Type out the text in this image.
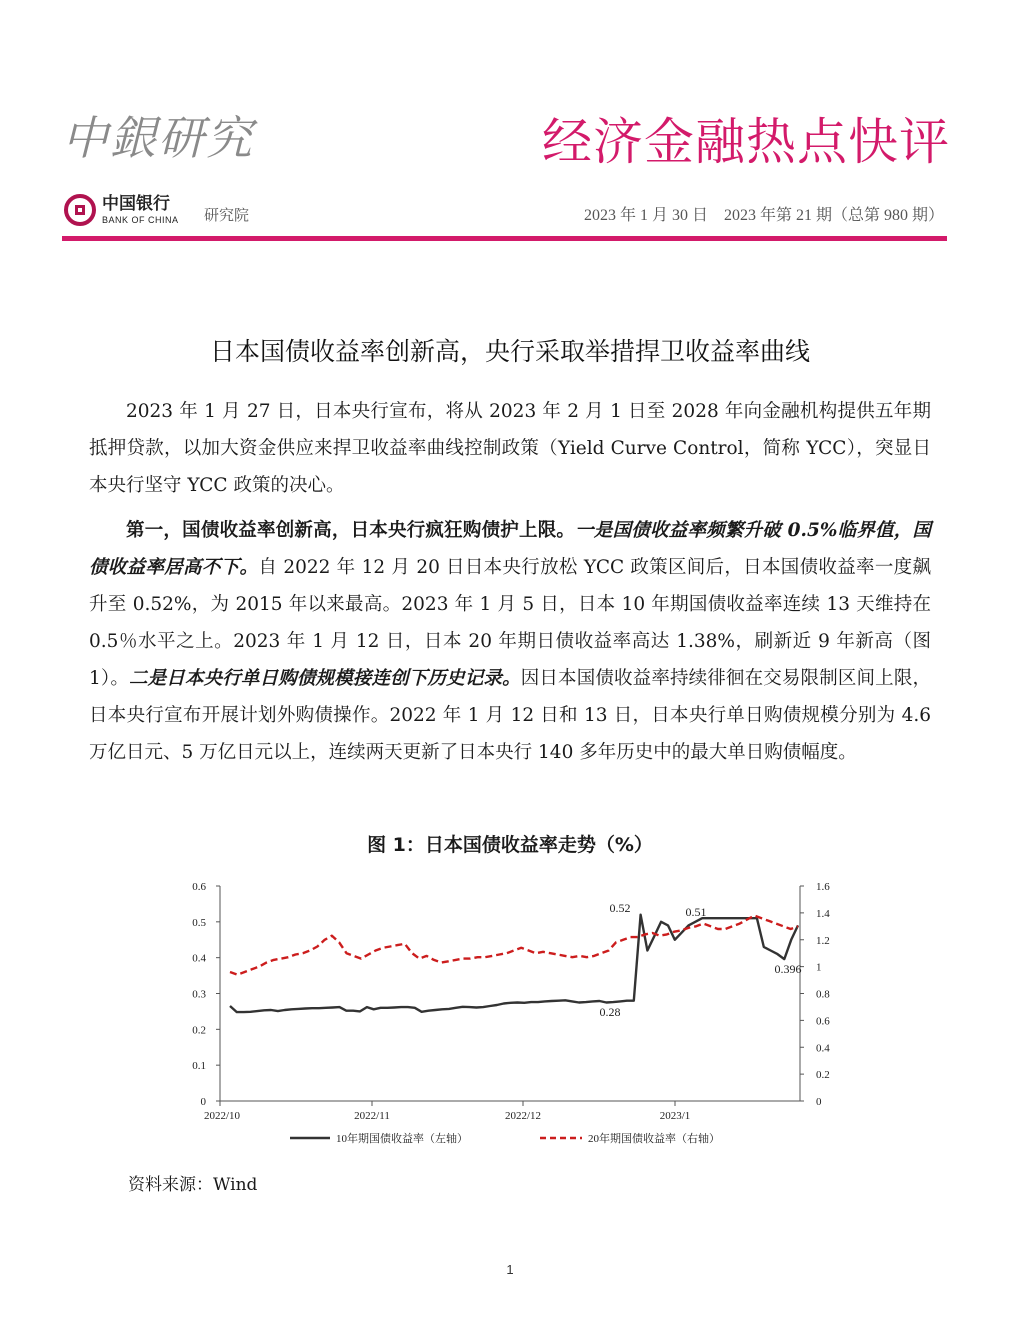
中銀研究	经济金融热点快评
中国银行
BANK OF CHINA 研究院	2023 年 1 月 30 日 2023 年第 21 期（总第 980 期）
日本国债收益率创新高，央行采取举措捍卫收益率曲线

2023 年 1 月 27 日，日本央行宣布，将从 2023 年 2 月 1 日至 2028 年向金融机构提供五年期抵押贷款，以加大资金供应来捍卫收益率曲线控制政策（Yield Curve Control，简称 YCC），突显日本央行坚守 YCC 政策的决心。

第一，国债收益率创新高，日本央行疯狂购债护上限。一是国债收益率频繁升破 0.5%临界值，国债收益率居高不下。自 2022 年 12 月 20 日日本央行放松 YCC 政策区间后，日本国债收益率一度飙升至 0.52%，为 2015 年以来最高。2023 年 1 月 5 日，日本 10 年期国债收益率连续 13 天维持在 0.5％水平之上。2023 年 1 月 12 日，日本 20 年期日债收益率高达 1.38%，刷新近 9 年新高（图 1）。二是日本央行单日购债规模接连创下历史记录。因日本国债收益率持续徘徊在交易限制区间上限，日本央行宣布开展计划外购债操作。2022 年 1 月 12 日和 13 日，日本央行单日购债规模分别为 4.6 万亿日元、5 万亿日元以上，连续两天更新了日本央行 140 多年历史中的最大单日购债幅度。

图 1：日本国债收益率走势（%）
0
0.1
0.2
0.3
0.4
0.5
0.6
0
0.2
0.4
0.6
0.8
1
1.2
1.4
1.6
2022/10	2022/11	2022/12	2023/1
0.52	0.51
0.396
0.28
10年期国债收益率（左轴）	20年期国债收益率（右轴）
资料来源：Wind
1
